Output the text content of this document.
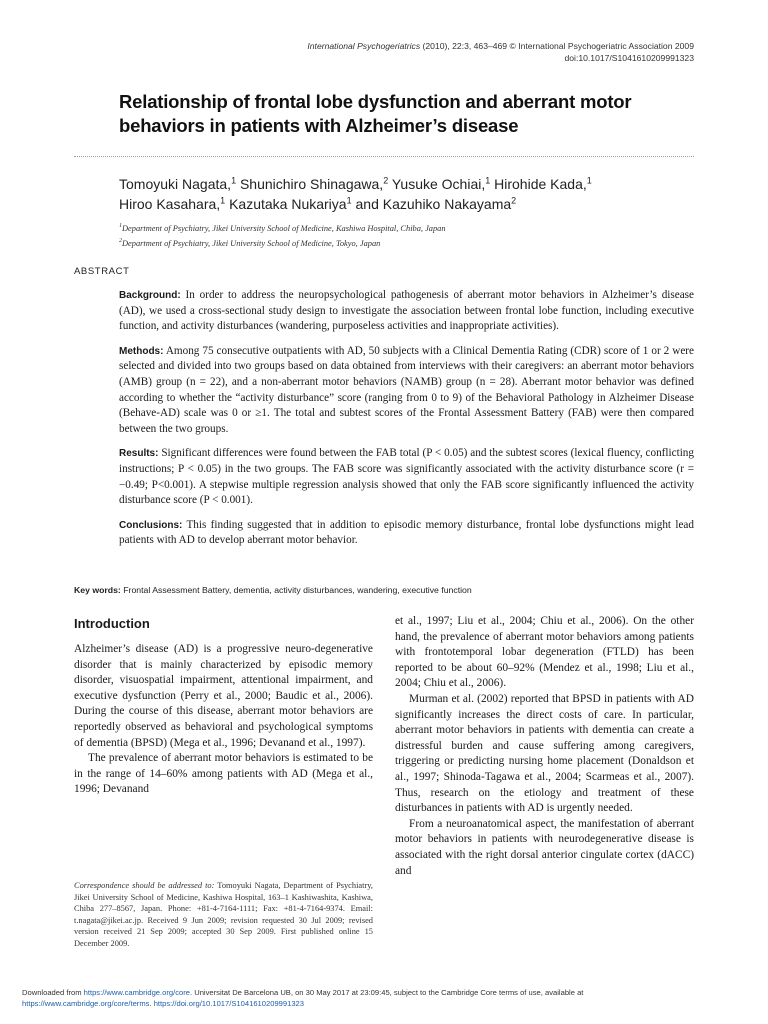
International Psychogeriatrics (2010), 22:3, 463–469 © International Psychogeriatric Association 2009
doi:10.1017/S1041610209991323
Relationship of frontal lobe dysfunction and aberrant motor behaviors in patients with Alzheimer’s disease
Tomoyuki Nagata,$^1$ Shunichiro Shinagawa,$^2$ Yusuke Ochiai,$^1$ Hirohide Kada,$^1$
Hiroo Kasahara,$^1$ Kazutaka Nukariya$^1$ and Kazuhiko Nakayama$^2$
$^1$Department of Psychiatry, Jikei University School of Medicine, Kashiwa Hospital, Chiba, Japan
$^2$Department of Psychiatry, Jikei University School of Medicine, Tokyo, Japan
ABSTRACT

Background: In order to address the neuropsychological pathogenesis of aberrant motor behaviors in Alzheimer’s disease (AD), we used a cross-sectional study design to investigate the association between frontal lobe function, including executive function, and activity disturbances (wandering, purposeless activities and inappropriate activities).

Methods: Among 75 consecutive outpatients with AD, 50 subjects with a Clinical Dementia Rating (CDR) score of 1 or 2 were selected and divided into two groups based on data obtained from interviews with their caregivers: an aberrant motor behaviors (AMB) group (n = 22), and a non-aberrant motor behaviors (NAMB) group (n = 28). Aberrant motor behavior was defined according to whether the “activity disturbance” score (ranging from 0 to 9) of the Behavioral Pathology in Alzheimer Disease (Behave-AD) scale was 0 or ≥1. The total and subtest scores of the Frontal Assessment Battery (FAB) were then compared between the two groups.

Results: Significant differences were found between the FAB total (P < 0.05) and the subtest scores (lexical fluency, conflicting instructions; P < 0.05) in the two groups. The FAB score was significantly associated with the activity disturbance score (r = −0.49; P<0.001). A stepwise multiple regression analysis showed that only the FAB score significantly influenced the activity disturbance score (P < 0.001).

Conclusions: This finding suggested that in addition to episodic memory disturbance, frontal lobe dysfunctions might lead patients with AD to develop aberrant motor behavior.

Key words: Frontal Assessment Battery, dementia, activity disturbances, wandering, executive function
Introduction

Alzheimer’s disease (AD) is a progressive neuro-degenerative disorder that is mainly characterized by episodic memory disorder, visuospatial impairment, attentional impairment, and executive dysfunction (Perry et al., 2000; Baudic et al., 2006). During the course of this disease, aberrant motor behaviors are reportedly observed as behavioral and psychological symptoms of dementia (BPSD) (Mega et al., 1996; Devanand et al., 1997).

The prevalence of aberrant motor behaviors is estimated to be in the range of 14–60% among patients with AD (Mega et al., 1996; Devanand

et al., 1997; Liu et al., 2004; Chiu et al., 2006). On the other hand, the prevalence of aberrant motor behaviors among patients with frontotemporal lobar degeneration (FTLD) has been reported to be about 60–92% (Mendez et al., 1998; Liu et al., 2004; Chiu et al., 2006).

Murman et al. (2002) reported that BPSD in patients with AD significantly increases the direct costs of care. In particular, aberrant motor behaviors in patients with dementia can create a distressful burden and cause suffering among caregivers, triggering or predicting nursing home placement (Donaldson et al., 1997; Shinoda-Tagawa et al., 2004; Scarmeas et al., 2007). Thus, research on the etiology and treatment of these disturbances in patients with AD is urgently needed.

From a neuroanatomical aspect, the manifestation of aberrant motor behaviors in patients with neurodegenerative disease is associated with the right dorsal anterior cingulate cortex (dACC) and

Correspondence should be addressed to: Tomoyuki Nagata, Department of Psychiatry, Jikei University School of Medicine, Kashiwa Hospital, 163–1 Kashiwashita, Kashiwa, Chiba 277–8567, Japan. Phone: +81-4-7164-1111; Fax: +81-4-7164-9374. Email: t.nagata@jikei.ac.jp. Received 9 Jun 2009; revision requested 30 Jul 2009; revised version received 21 Sep 2009; accepted 30 Sep 2009. First published online 15 December 2009.
Downloaded from https://www.cambridge.org/core. Universitat De Barcelona UB, on 30 May 2017 at 23:09:45, subject to the Cambridge Core terms of use, available at
https://www.cambridge.org/core/terms. https://doi.org/10.1017/S1041610209991323
